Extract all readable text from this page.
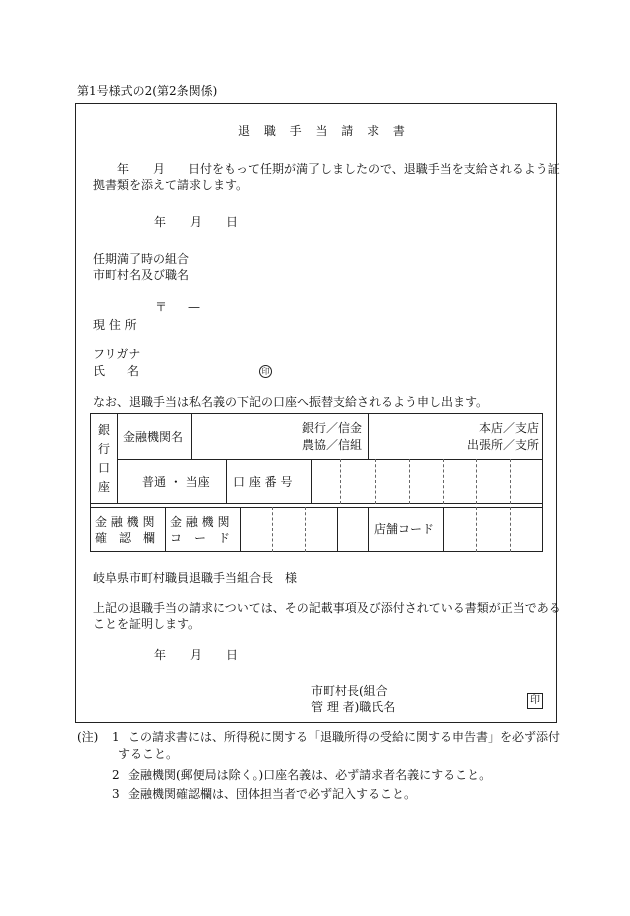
第1号様式の2(第2条関係)
退 職 手 当 請 求 書
年 月 日付をもって任期が満了しましたので、退職手当を支給されるよう証
拠書類を添えて請求します。
年 月 日
任期満了時の組合
市町村名及び職名
〒 —
現 住 所
フリガナ
氏 名	印
なお、退職手当は私名義の下記の口座へ振替支給されるよう申し出ます。
銀
行
口
座
金融機関名
銀行／信金
農協／信組
本店／支店
出張所／支所
普通 ・ 当座 口 座 番 号
金 融 機 関
確　認　欄
金 融 機 関
コ　ー　ド
店舗コード
岐阜県市町村職員退職手当組合長　様
上記の退職手当の請求については、その記載事項及び添付されている書類が正当である
ことを証明します。
年 月 日
市町村長(組合
管 理 者)職氏名	印
(注) 1 この請求書には、所得税に関する「退職所得の受給に関する申告書」を必ず添付
すること。
2 金融機関(郵便局は除く。)口座名義は、必ず請求者名義にすること。
3 金融機関確認欄は、団体担当者で必ず記入すること。
